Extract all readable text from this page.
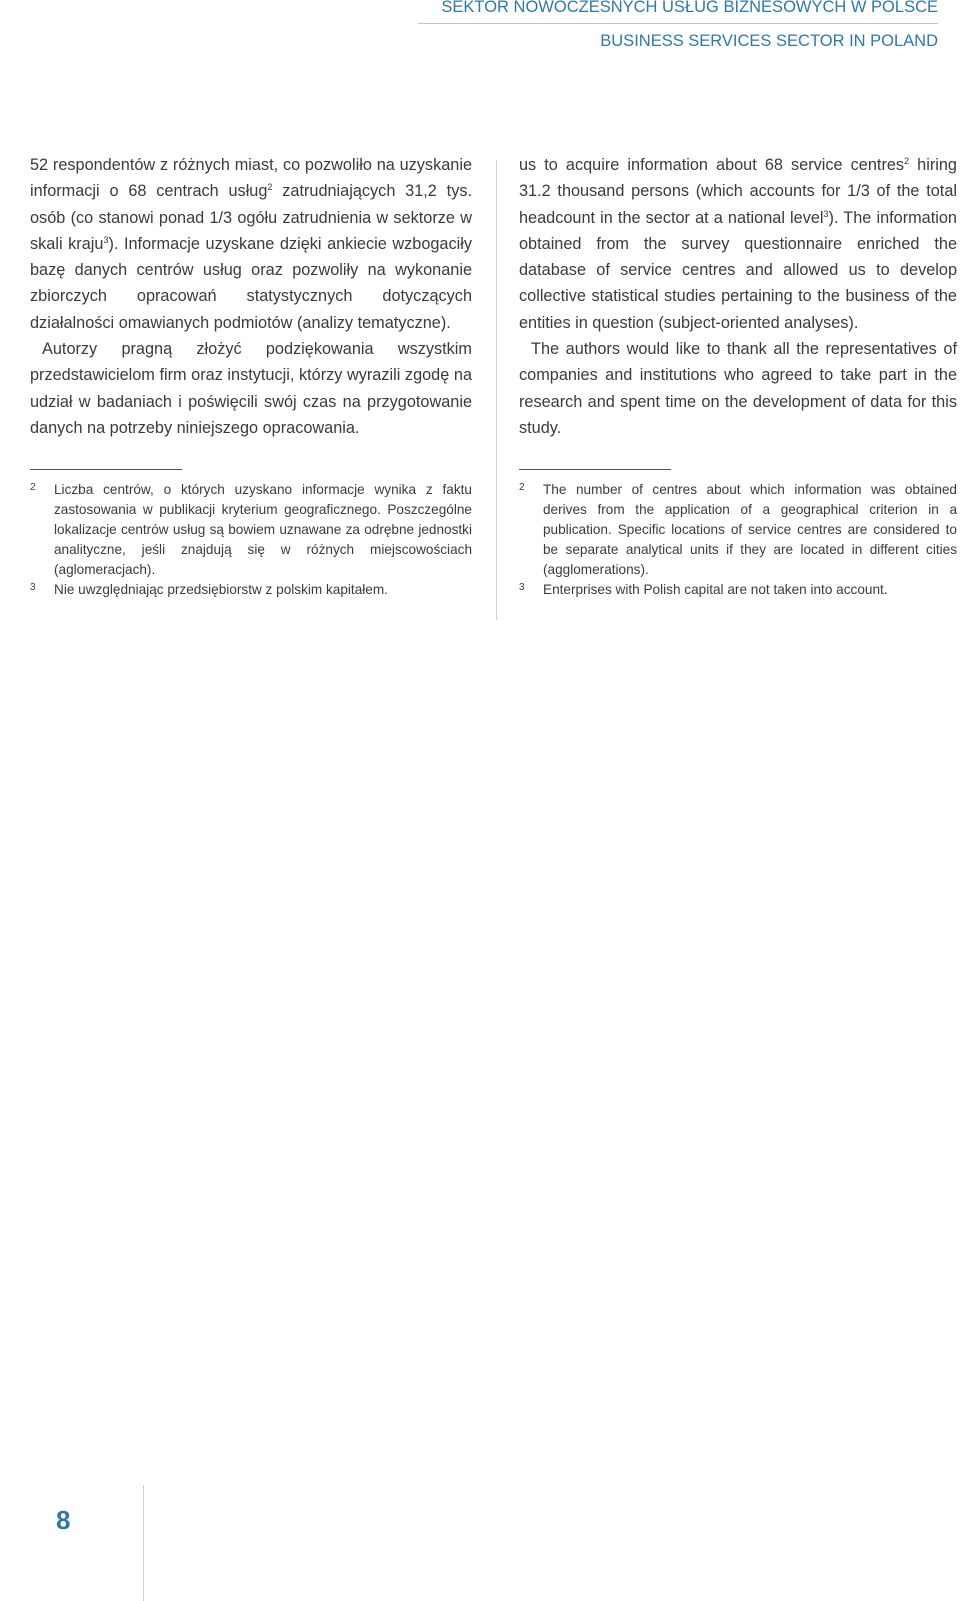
SEKTOR NOWOCZESNYCH USŁUG BIZNESOWYCH W POLSCE
BUSINESS SERVICES SECTOR IN POLAND

52 respondentów z różnych miast, co pozwoliło na uzyskanie informacji o 68 centrach usług$^2$ zatrudniających 31,2 tys. osób (co stanowi ponad 1/3 ogółu zatrudnienia w sektorze w skali kraju$^3$). Informacje uzyskane dzięki ankiecie wzbogaciły bazę danych centrów usług oraz pozwoliły na wykonanie zbiorczych opracowań statystycznych dotyczących działalności omawianych podmiotów (analizy tematyczne).

Autorzy pragną złożyć podziękowania wszystkim przedstawicielom firm oraz instytucji, którzy wyrazili zgodę na udział w badaniach i poświęcili swój czas na przygotowanie danych na potrzeby niniejszego opracowania.

2 Liczba centrów, o których uzyskano informacje wynika z faktu zastosowania w publikacji kryterium geograficznego. Poszczególne lokalizacje centrów usług są bowiem uznawane za odrębne jednostki analityczne, jeśli znajdują się w różnych miejscowościach (aglomeracjach).
3 Nie uwzględniając przedsiębiorstw z polskim kapitałem.

us to acquire information about 68 service centres$^2$ hiring 31.2 thousand persons (which accounts for 1/3 of the total headcount in the sector at a national level$^3$). The information obtained from the survey questionnaire enriched the database of service centres and allowed us to develop collective statistical studies pertaining to the business of the entities in question (subject-oriented analyses).

The authors would like to thank all the representatives of companies and institutions who agreed to take part in the research and spent time on the development of data for this study.

2 The number of centres about which information was obtained derives from the application of a geographical criterion in a publication. Specific locations of service centres are considered to be separate analytical units if they are located in different cities (agglomerations).
3 Enterprises with Polish capital are not taken into account.
8
